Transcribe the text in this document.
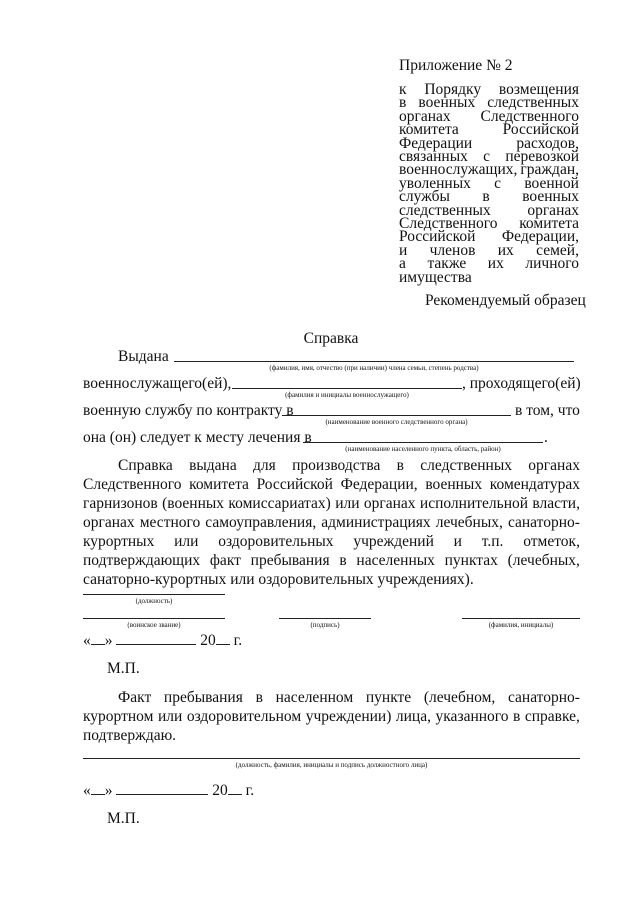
Приложение № 2
к Порядку возмещения
в военных следственных
органах Следственного
комитета	Российской
Федерации	расходов,
связанных с перевозкой
военнослужащих, граждан,
уволенных с военной
службы в военных
следственных органах
Следственного комитета
Российской Федерации,
и членов их семей,
а также их личного
имущества
Рекомендуемый образец
Справка
Выдана
(фамилия, имя, отчество (при наличии) члена семьи, степень родства)
военнослужащего(ей),	, проходящего(ей)
(фамилия и инициалы военнослужащего)
военную службу по контракту в	в том, что
(наименование военного следственного органа)
она (он) следует к месту лечения в	.
(наименование населенного пункта, область, район)
Справка выдана для производства в следственных органах
Следственного комитета Российской Федерации, военных комендатурах
гарнизонов (военных комиссариатах) или органах исполнительной власти,
органах местного самоуправления, администрациях лечебных, санаторно-
курортных или оздоровительных учреждений и т.п. отметок,
подтверждающих факт пребывания в населенных пунктах (лечебных,
санаторно-курортных или оздоровительных учреждениях).
(должность)
(воинское звание)	(подпись)	(фамилия, инициалы)
« »	20 г.
М.П.
Факт пребывания в населенном пункте (лечебном, санаторно-
курортном или оздоровительном учреждении) лица, указанного в справке,
подтверждаю.
(должность, фамилия, инициалы и подпись должностного лица)
« »	20 г.
М.П.
